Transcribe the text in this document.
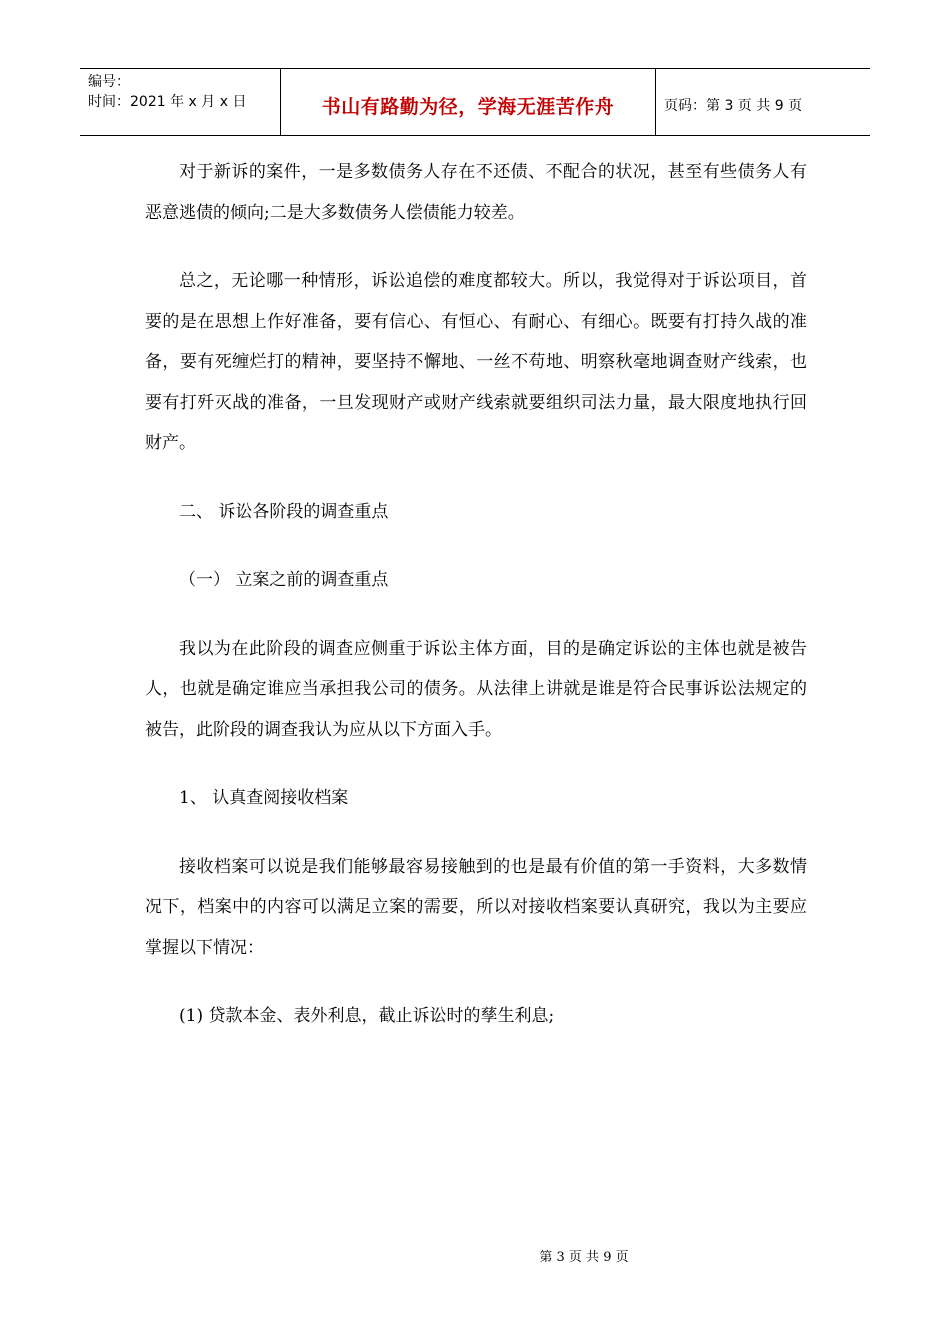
编号：
时间：2021 年 x 月 x 日	书山有路勤为径，学海无涯苦作舟	页码：第 3 页 共 9 页

对于新诉的案件，一是多数债务人存在不还债、不配合的状况，甚至有些债务人有恶意逃债的倾向;二是大多数债务人偿债能力较差。

总之，无论哪一种情形，诉讼追偿的难度都较大。所以，我觉得对于诉讼项目，首要的是在思想上作好准备，要有信心、有恒心、有耐心、有细心。既要有打持久战的准备，要有死缠烂打的精神，要坚持不懈地、一丝不苟地、明察秋毫地调查财产线索，也要有打歼灭战的准备，一旦发现财产或财产线索就要组织司法力量，最大限度地执行回财产。

二、 诉讼各阶段的调查重点

（一） 立案之前的调查重点

我以为在此阶段的调查应侧重于诉讼主体方面，目的是确定诉讼的主体也就是被告人，也就是确定谁应当承担我公司的债务。从法律上讲就是谁是符合民事诉讼法规定的被告，此阶段的调查我认为应从以下方面入手。

1、 认真查阅接收档案

接收档案可以说是我们能够最容易接触到的也是最有价值的第一手资料，大多数情况下，档案中的内容可以满足立案的需要，所以对接收档案要认真研究，我以为主要应掌握以下情况：

(1) 贷款本金、表外利息，截止诉讼时的孳生利息;

第 3 页 共 9 页
